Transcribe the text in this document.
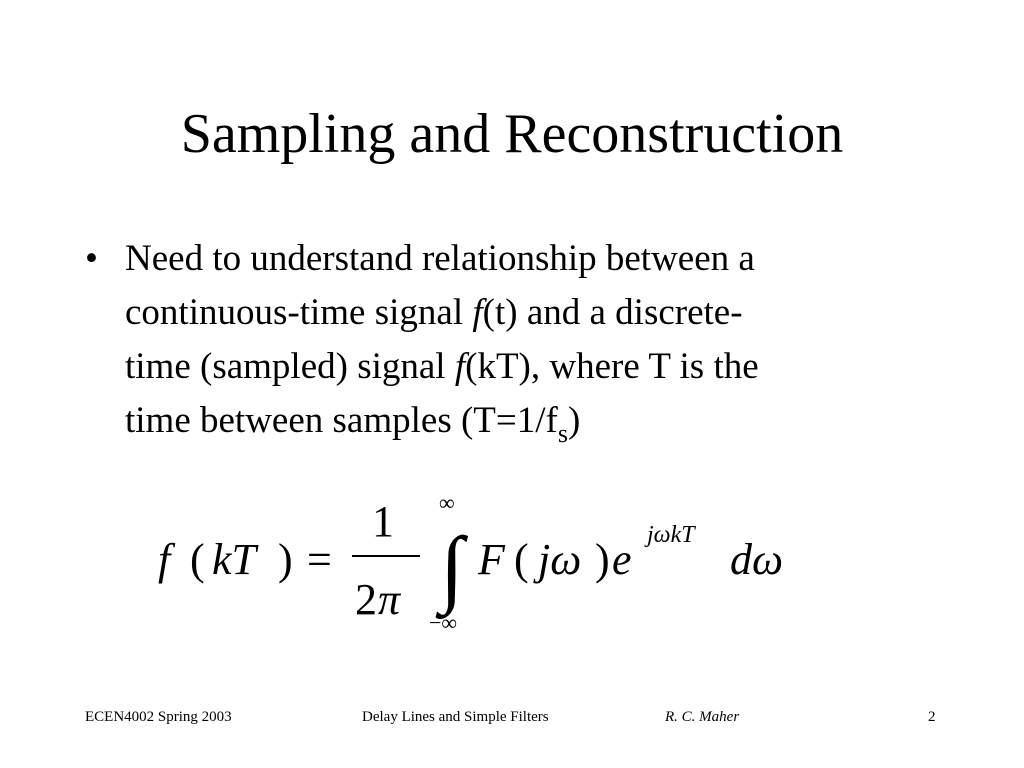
Sampling and Reconstruction
• Need to understand relationship between a
continuous-time signal f(t) and a discrete-
time (sampled) signal f(kT), where T is the
time between samples $(T=1/f_s)$
f ( kT ) =
1
2 π
∞
∫
−∞
F ( jω ) e jωkT dω
ECEN4002 Spring 2003	Delay Lines and Simple Filters	R. C. Maher	2
